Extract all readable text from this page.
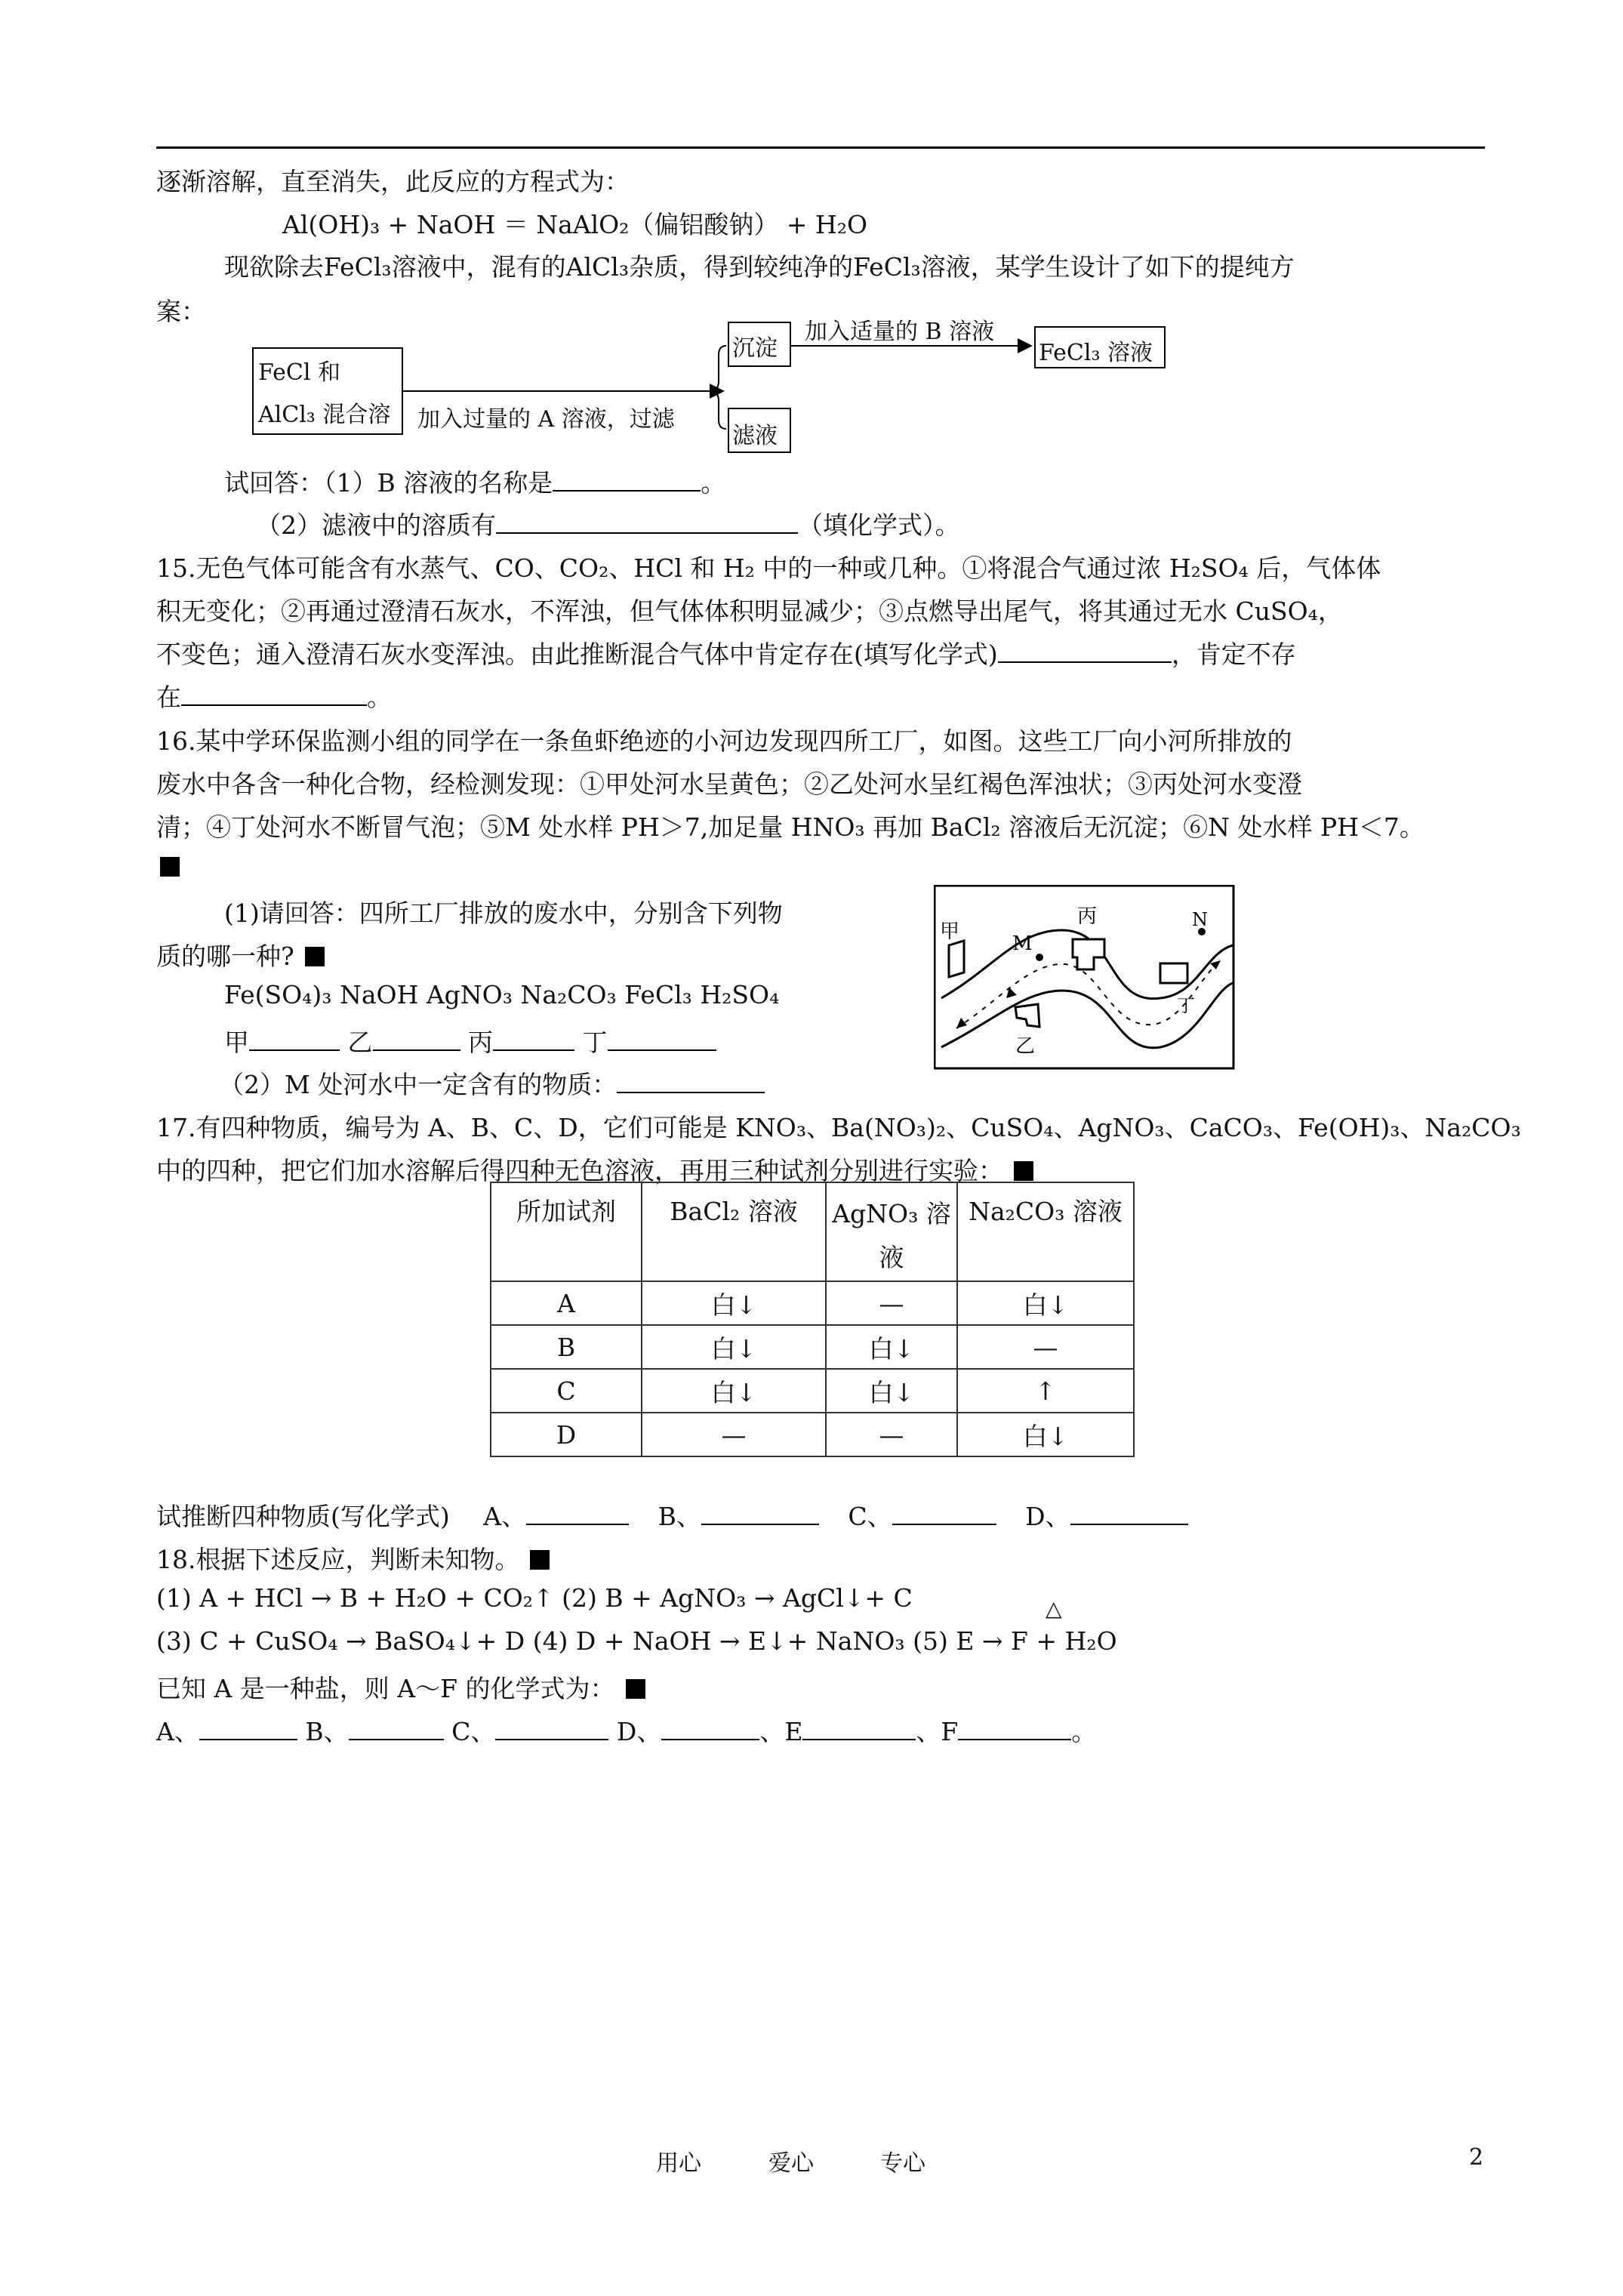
逐渐溶解，直至消失，此反应的方程式为：
Al(OH)₃ + NaOH ＝ NaAlO₂（偏铝酸钠） + H₂O
现欲除去FeCl₃溶液中，混有的AlCl₃杂质，得到较纯净的FeCl₃溶液，某学生设计了如下的提纯方
案：
FeCl 和
AlCl₃ 混合溶 加入过量的 A 溶液，过滤
沉淀
滤液
加入适量的 B 溶液
FeCl₃ 溶液
试回答：（1）B 溶液的名称是	。
（2）滤液中的溶质有	（填化学式）。
15.无色气体可能含有水蒸气、CO、CO₂、HCl 和 H₂ 中的一种或几种。①将混合气通过浓 H₂SO₄ 后，气体体
积无变化；②再通过澄清石灰水，不浑浊，但气体体积明显减少；③点燃导出尾气，将其通过无水 CuSO₄，
不变色；通入澄清石灰水变浑浊。由此推断混合气体中肯定存在(填写化学式)	，肯定不存
在	。
16.某中学环保监测小组的同学在一条鱼虾绝迹的小河边发现四所工厂，如图。这些工厂向小河所排放的
废水中各含一种化合物，经检测发现：①甲处河水呈黄色；②乙处河水呈红褐色浑浊状；③丙处河水变澄
清；④丁处河水不断冒气泡；⑤M 处水样 PH＞7,加足量 HNO₃ 再加 BaCl₂ 溶液后无沉淀；⑥N 处水样 PH＜7。
(1)请回答：四所工厂排放的废水中，分别含下列物
质的哪一种?
Fe(SO₄)₃ NaOH AgNO₃ Na₂CO₃ FeCl₃ H₂SO₄
甲	乙	丙	丁
（2）M 处河水中一定含有的物质：
甲
丙
M
N
丁
乙
17.有四种物质，编号为 A、B、C、D，它们可能是 KNO₃、Ba(NO₃)₂、CuSO₄、AgNO₃、CaCO₃、Fe(OH)₃、Na₂CO₃
中的四种，把它们加水溶解后得四种无色溶液，再用三种试剂分别进行实验：
所加试剂	BaCl₂ 溶液	AgNO₃ 溶液	Na₂CO₃ 溶液
A	白↓	—	白↓
B	白↓	白↓	—
C	白↓	白↓	↑
D	—	—	白↓
试推断四种物质(写化学式) A、	B、	C、	D、
18.根据下述反应，判断未知物。
(1) A + HCl → B + H₂O + CO₂↑ (2) B + AgNO₃ → AgCl↓+ C	△
(3) C + CuSO₄ → BaSO₄↓+ D (4) D + NaOH → E↓+ NaNO₃ (5) E → F + H₂O
已知 A 是一种盐，则 A～F 的化学式为：
A、	B、	C、	D、	、E	、F	。
用心	爱心	专心	2
